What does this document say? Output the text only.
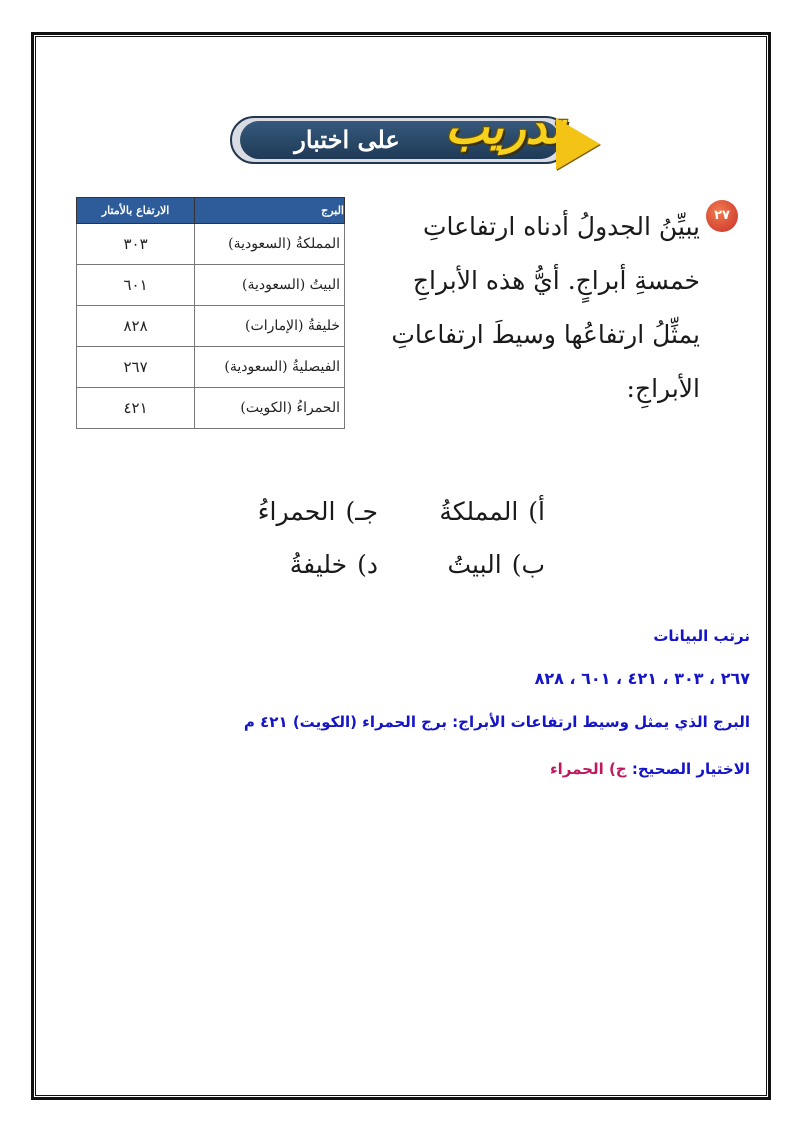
على اختبار تدريب
البرج	الارتفاع بالأمتار
المملكةُ (السعودية)	٣٠٣
البيتُ (السعودية)	٦٠١
خليفةُ (الإمارات)	٨٢٨
الفيصليةُ (السعودية)	٢٦٧
الحمراءُ (الكويت)	٤٢١
٢٧

يبيِّنُ الجدولُ أدناه ارتفاعاتِ خمسةِ أبراجٍ. أيُّ هذه الأبراجِ يمثِّلُ ارتفاعُها وسيطَ ارتفاعاتِ الأبراجِ:

أ)المملكةُ
جـ)الحمراءُ
ب)البيتُ
د)خليفةُ
نرتب البيانات
٢٦٧ ، ٣٠٣ ، ٤٢١ ، ٦٠١ ، ٨٢٨
البرج الذي يمثل وسيط ارتفاعات الأبراج: برج الحمراء (الكويت) ٤٢١ م
الاختيار الصحيح: ج) الحمراء
